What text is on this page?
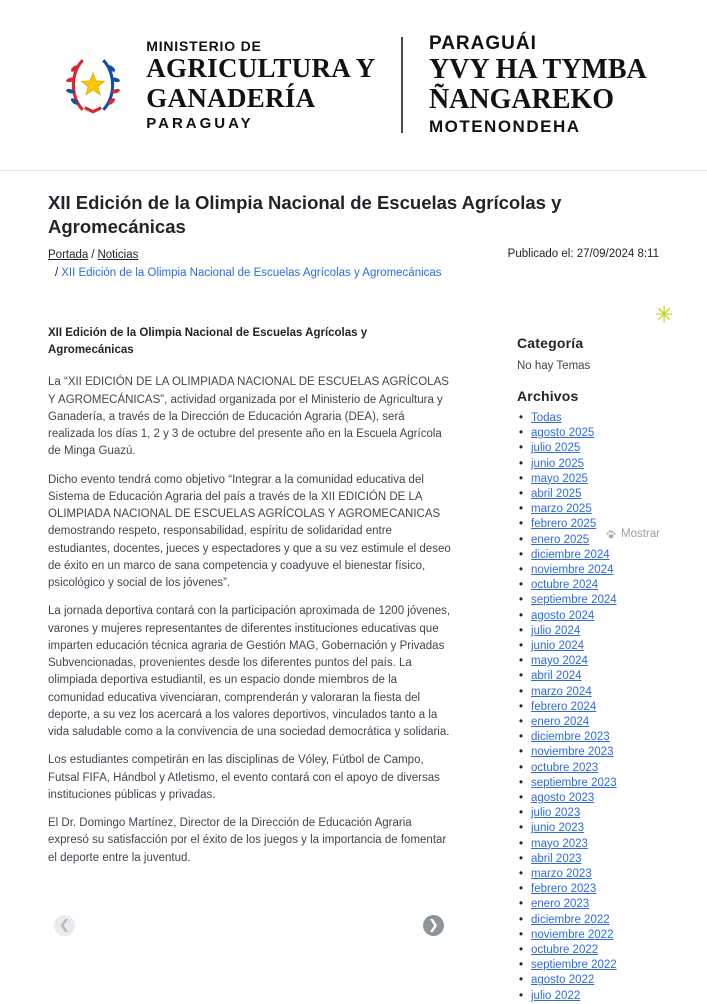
MINISTERIO DE
AGRICULTURA Y
GANADERÍA
PARAGUAY
PARAGUÁI
YVY HA TYMBA
ÑANGAREKO
MOTENONDEHA
XII Edición de la Olimpia Nacional de Escuelas Agrícolas y Agromecánicas
Portada / Noticias
/ XII Edición de la Olimpia Nacional de Escuelas Agrícolas y Agromecánicas
Publicado el: 27/09/2024 8:11
XII Edición de la Olimpia Nacional de Escuelas Agrícolas y Agromecánicas

La “XII EDICIÓN DE LA OLIMPIADA NACIONAL DE ESCUELAS AGRÍCOLAS Y AGROMECÁNICAS”, actividad organizada por el Ministerio de Agricultura y Ganadería, a través de la Dirección de Educación Agraria (DEA), será realizada los días 1, 2 y 3 de octubre del presente año en la Escuela Agrícola de Minga Guazú.

Dicho evento tendrá como objetivo “Integrar a la comunidad educativa del Sistema de Educación Agraria del país a través de la XII EDICIÓN DE LA OLIMPIADA NACIONAL DE ESCUELAS AGRÍCOLAS Y AGROMECANICAS demostrando respeto, responsabilidad, espíritu de solidaridad entre estudiantes, docentes, jueces y espectadores y que a su vez estimule el deseo de éxito en un marco de sana competencia y coadyuve el bienestar físico, psicológico y social de los jóvenes”.

La jornada deportiva contará con la participación aproximada de 1200 jóvenes, varones y mujeres representantes de diferentes instituciones educativas que imparten educación técnica agraria de Gestión MAG, Gobernación y Privadas Subvencionadas, provenientes desde los diferentes puntos del país. La olimpiada deportiva estudiantil, es un espacio donde miembros de la comunidad educativa vivenciaran, comprenderán y valoraran la fiesta del deporte, a su vez los acercará a los valores deportivos, vinculados tanto a la vida saludable como a la convivencia de una sociedad democrática y solidaria.

Los estudiantes competirán en las disciplinas de Vóley, Fútbol de Campo, Futsal FIFA, Hándbol y Atletismo, el evento contará con el apoyo de diversas instituciones públicas y privadas.

El Dr. Domingo Martínez, Director de la Dirección de Educación Agraria expresó su satisfacción por el éxito de los juegos y la importancia de fomentar el deporte entre la juventud.

❮	❯
Categoría

No hay Temas

Archivos
• Todas
• agosto 2025
• julio 2025
• junio 2025
• mayo 2025
• abril 2025
• marzo 2025
• febrero 2025
• enero 2025
• diciembre 2024
• noviembre 2024
• octubre 2024
• septiembre 2024
• agosto 2024
• julio 2024
• junio 2024
• mayo 2024
• abril 2024
• marzo 2024
• febrero 2024
• enero 2024
• diciembre 2023
• noviembre 2023
• octubre 2023
• septiembre 2023
• agosto 2023
• julio 2023
• junio 2023
• mayo 2023
• abril 2023
• marzo 2023
• febrero 2023
• enero 2023
• diciembre 2022
• noviembre 2022
• octubre 2022
• septiembre 2022
• agosto 2022
• julio 2022
Mostrar
✳
